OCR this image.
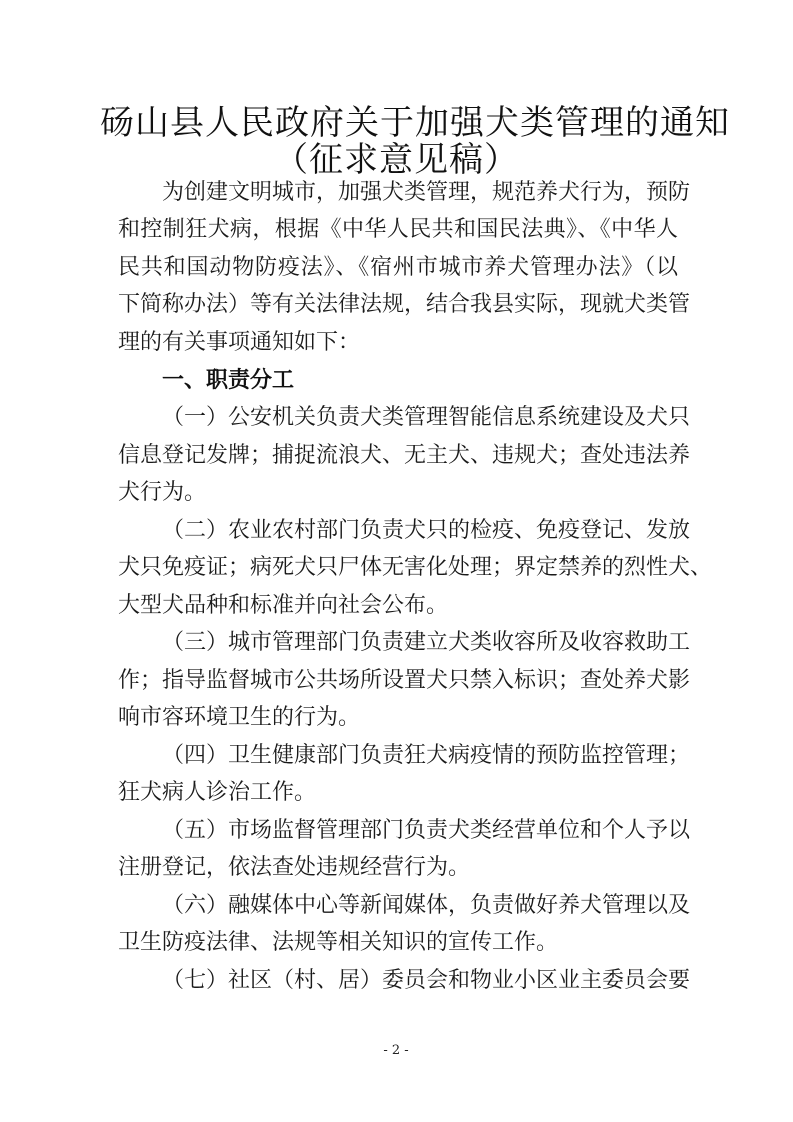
砀山县人民政府关于加强犬类管理的通知
（征求意见稿）
为创建文明城市，加强犬类管理，规范养犬行为，预防
和控制狂犬病，根据《中华人民共和国民法典》、《中华人
民共和国动物防疫法》、《宿州市城市养犬管理办法》（以
下简称办法）等有关法律法规，结合我县实际，现就犬类管
理的有关事项通知如下：
一、职责分工
（一）公安机关负责犬类管理智能信息系统建设及犬只
信息登记发牌；捕捉流浪犬、无主犬、违规犬；查处违法养
犬行为。
（二）农业农村部门负责犬只的检疫、免疫登记、发放
犬只免疫证；病死犬只尸体无害化处理；界定禁养的烈性犬、
大型犬品种和标准并向社会公布。
（三）城市管理部门负责建立犬类收容所及收容救助工
作；指导监督城市公共场所设置犬只禁入标识；查处养犬影
响市容环境卫生的行为。
（四）卫生健康部门负责狂犬病疫情的预防监控管理；
狂犬病人诊治工作。
（五）市场监督管理部门负责犬类经营单位和个人予以
注册登记，依法查处违规经营行为。
（六）融媒体中心等新闻媒体，负责做好养犬管理以及
卫生防疫法律、法规等相关知识的宣传工作。
（七）社区（村、居）委员会和物业小区业主委员会要
- 2 -
